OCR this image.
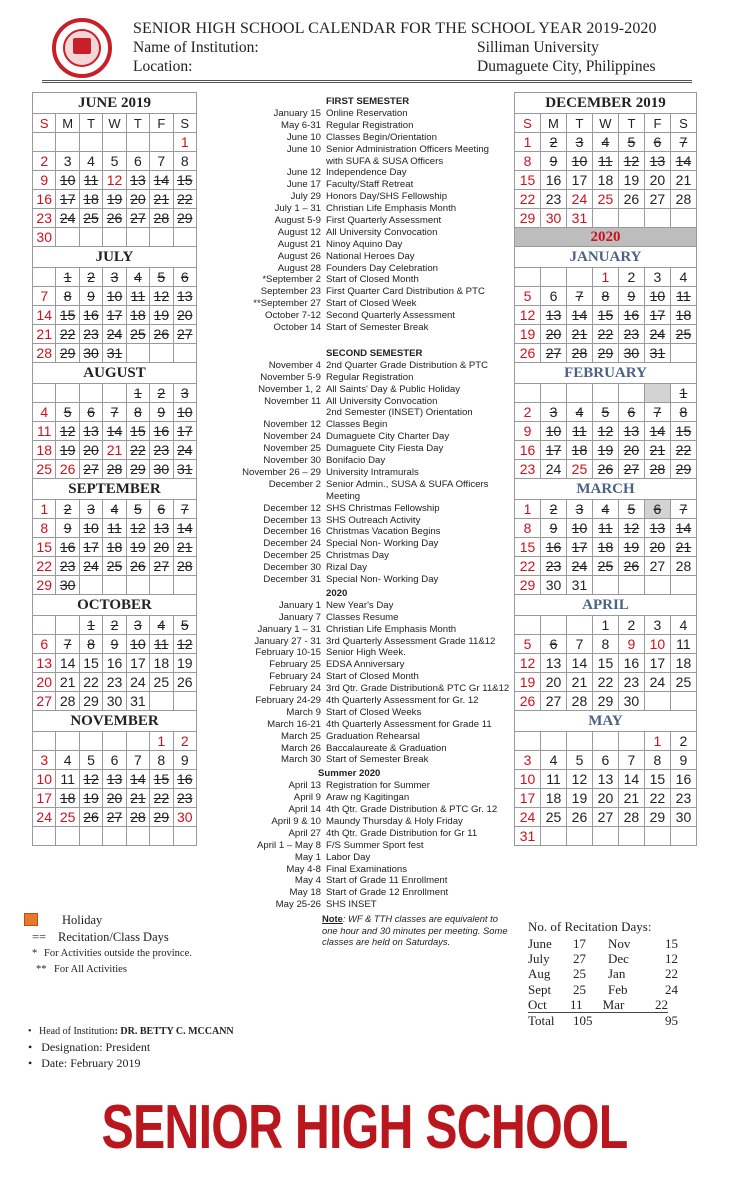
SENIOR HIGH SCHOOL CALENDAR FOR THE SCHOOL YEAR 2019-2020
Name of Institution:	Silliman University
Location:	Dumaguete City, Philippines
JUNE 2019						
S	M	T	W	T	F	S
						1
2	3	4	5	6	7	8
9	10	11	12	13	14	15
16	17	18	19	20	21	22
23	24	25	26	27	28	29
30						
JULY						
	1	2	3	4	5	6
7	8	9	10	11	12	13
14	15	16	17	18	19	20
21	22	23	24	25	26	27
28	29	30	31			
AUGUST						
				1	2	3
4	5	6	7	8	9	10
11	12	13	14	15	16	17
18	19	20	21	22	23	24
25	26	27	28	29	30	31
SEPTEMBER						
1	2	3	4	5	6	7
8	9	10	11	12	13	14
15	16	17	18	19	20	21
22	23	24	25	26	27	28
29	30					
OCTOBER						
		1	2	3	4	5
6	7	8	9	10	11	12
13	14	15	16	17	18	19
20	21	22	23	24	25	26
27	28	29	30	31		
NOVEMBER						
					1	2
3	4	5	6	7	8	9
10	11	12	13	14	15	16
17	18	19	20	21	22	23
24	25	26	27	28	29	30

DECEMBER 2019						
S	M	T	W	T	F	S
1	2	3	4	5	6	7
8	9	10	11	12	13	14
15	16	17	18	19	20	21
22	23	24	25	26	27	28
29	30	31				
2020						
JANUARY						
			1	2	3	4
5	6	7	8	9	10	11
12	13	14	15	16	17	18
19	20	21	22	23	24	25
26	27	28	29	30	31	
FEBRUARY						
						1
2	3	4	5	6	7	8
9	10	11	12	13	14	15
16	17	18	19	20	21	22
23	24	25	26	27	28	29
MARCH						
1	2	3	4	5	6	7
8	9	10	11	12	13	14
15	16	17	18	19	20	21
22	23	24	25	26	27	28
29	30	31				
APRIL						
			1	2	3	4
5	6	7	8	9	10	11
12	13	14	15	16	17	18
19	20	21	22	23	24	25
26	27	28	29	30		
MAY						
					1	2
3	4	5	6	7	8	9
10	11	12	13	14	15	16
17	18	19	20	21	22	23
24	25	26	27	28	29	30
31						
FIRST SEMESTER
January 15 Online Reservation
May 6-31 Regular Registration
June 10 Classes Begin/Orientation
June 10 Senior Administration Officers Meeting
with SUFA & SUSA Officers
June 12 Independence Day
June 17 Faculty/Staff Retreat
July 29 Honors Day/SHS Fellowship
July 1 – 31 Christian Life Emphasis Month
August 5-9 First Quarterly Assessment
August 12 All University Convocation
August 21 Ninoy Aquino Day
August 26 National Heroes Day
August 28 Founders Day Celebration
*September 2 Start of Closed Month
September 23 First Quarter Card Distribution & PTC
**September 27 Start of Closed Week
October 7-12 Second Quarterly Assessment
October 14 Start of Semester Break
SECOND SEMESTER
November 4 2nd Quarter Grade Distribution & PTC
November 5-9 Regular Registration
November 1, 2 All Saints' Day & Public Holiday
November 11 All University Convocation
2nd Semester (INSET) Orientation
November 12 Classes Begin
November 24 Dumaguete City Charter Day
November 25 Dumaguete City Fiesta Day
November 30 Bonifacio Day
November 26 – 29 University Intramurals
December 2 Senior Admin., SUSA & SUFA Officers
Meeting
December 12 SHS Christmas Fellowship
December 13 SHS Outreach Activity
December 16 Christmas Vacation Begins
December 24 Special Non- Working Day
December 25 Christmas Day
December 30 Rizal Day
December 31 Special Non- Working Day
2020
January 1 New Year's Day
January 7 Classes Resume
January 1 – 31 Christian Life Emphasis Month
January 27 - 31 3rd Quarterly Assessment Grade 11&12
February 10-15 Senior High Week.
February 25 EDSA Anniversary
February 24 Start of Closed Month
February 24 3rd Qtr. Grade Distribution& PTC Gr 11&12
February 24-29 4th Quarterly Assessment for Gr. 12
March 9 Start of Closed Weeks
March 16-21 4th Quarterly Assessment for Grade 11
March 25 Graduation Rehearsal
March 26 Baccalaureate & Graduation
March 30 Start of Semester Break
Summer 2020
April 13 Registration for Summer
April 9 Araw ng Kagitingan
April 14 4th Qtr. Grade Distribution & PTC Gr. 12
April 9 & 10 Maundy Thursday & Holy Friday
April 27 4th Qtr. Grade Distribution for Gr 11
April 1 – May 8 F/S Summer Sport fest
May 1 Labor Day
May 4-8 Final Examinations
May 4 Start of Grade 11 Enrollment
May 18 Start of Grade 12 Enrollment
May 25-26 SHS INSET
Note: WF & TTH classes are equivalent to one hour and 30 minutes per meeting. Some classes are held on Saturdays.
Holiday
== Recitation/Class Days
* For Activities outside the province.
** For All Activities
•   Head of Institution: DR. BETTY C. MCCANN
•   Designation: President
•   Date: February 2019
No. of Recitation Days:
June	17	Nov	15
July	27	Dec	12
Aug	25	Jan	22
Sept	25	Feb	24
Oct	11	Mar	22
Total	105	95
SENIOR HIGH SCHOOL
